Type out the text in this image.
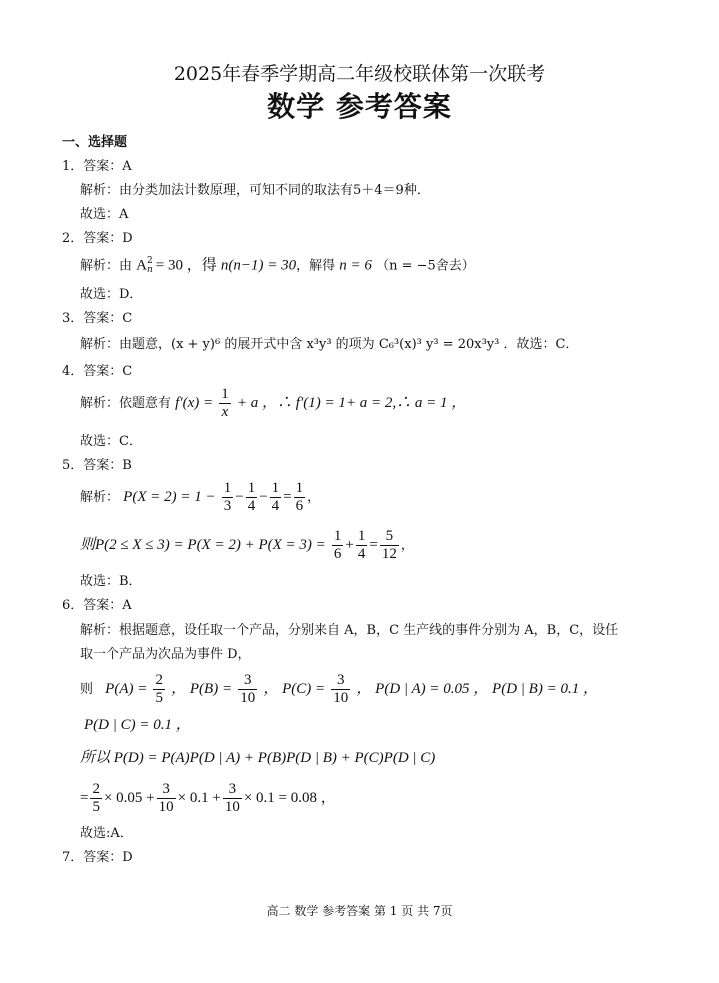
2025年春季学期高二年级校联体第一次联考
数学 参考答案
一、选择题
1．答案：A
解析：由分类加法计数原理，可知不同的取法有5＋4＝9种．
故选：A
2．答案：D
解析：由 A 2
n = 30 ，得 n(n−1) = 30，解得 n = 6 （n = −5舍去）
故选：D．
3．答案：C
解析：由题意，(x + y)⁶ 的展开式中含 x³y³ 的项为 C₆³(x)³ y³ = 20x³y³ ．故选：C．
4．答案：C
解析：依题意有 $f'(x) = \frac{1}{x} + a$ ，∴ f′(1) = 1+ a = 2,∴ a = 1 ，
故选：C．
5．答案：B
解析： $P(X = 2) = 1 - \frac{1}{3} - \frac{1}{4} - \frac{1}{4} = \frac{1}{6}$ ，
则$P(2 \le X \le 3) = P(X = 2) + P(X = 3) = \frac{1}{6} + \frac{1}{4} = \frac{5}{12}$ ，
故选：B．
6．答案：A
解析：根据题意，设任取一个产品，分别来自 A，B，C 生产线的事件分别为 A，B，C，设任
取一个产品为次品为事件 D，
则 $P(A) = \frac{2}{5}$ ， $P(B) = \frac{3}{10}$ ， $P(C) = \frac{3}{10}$ ， P(D | A) = 0.05 ， P(D | B) = 0.1 ，
P(D | C) = 0.1 ，
所以 P(D) = P(A)P(D | A) + P(B)P(D | B) + P(C)P(D | C)
= $\frac{2}{5} \times 0.05 + \frac{3}{10} \times 0.1 + \frac{3}{10} \times 0.1 = 0.08$ ，
故选:A．
7．答案：D
高二 数学 参考答案 第 1 页 共 7页
